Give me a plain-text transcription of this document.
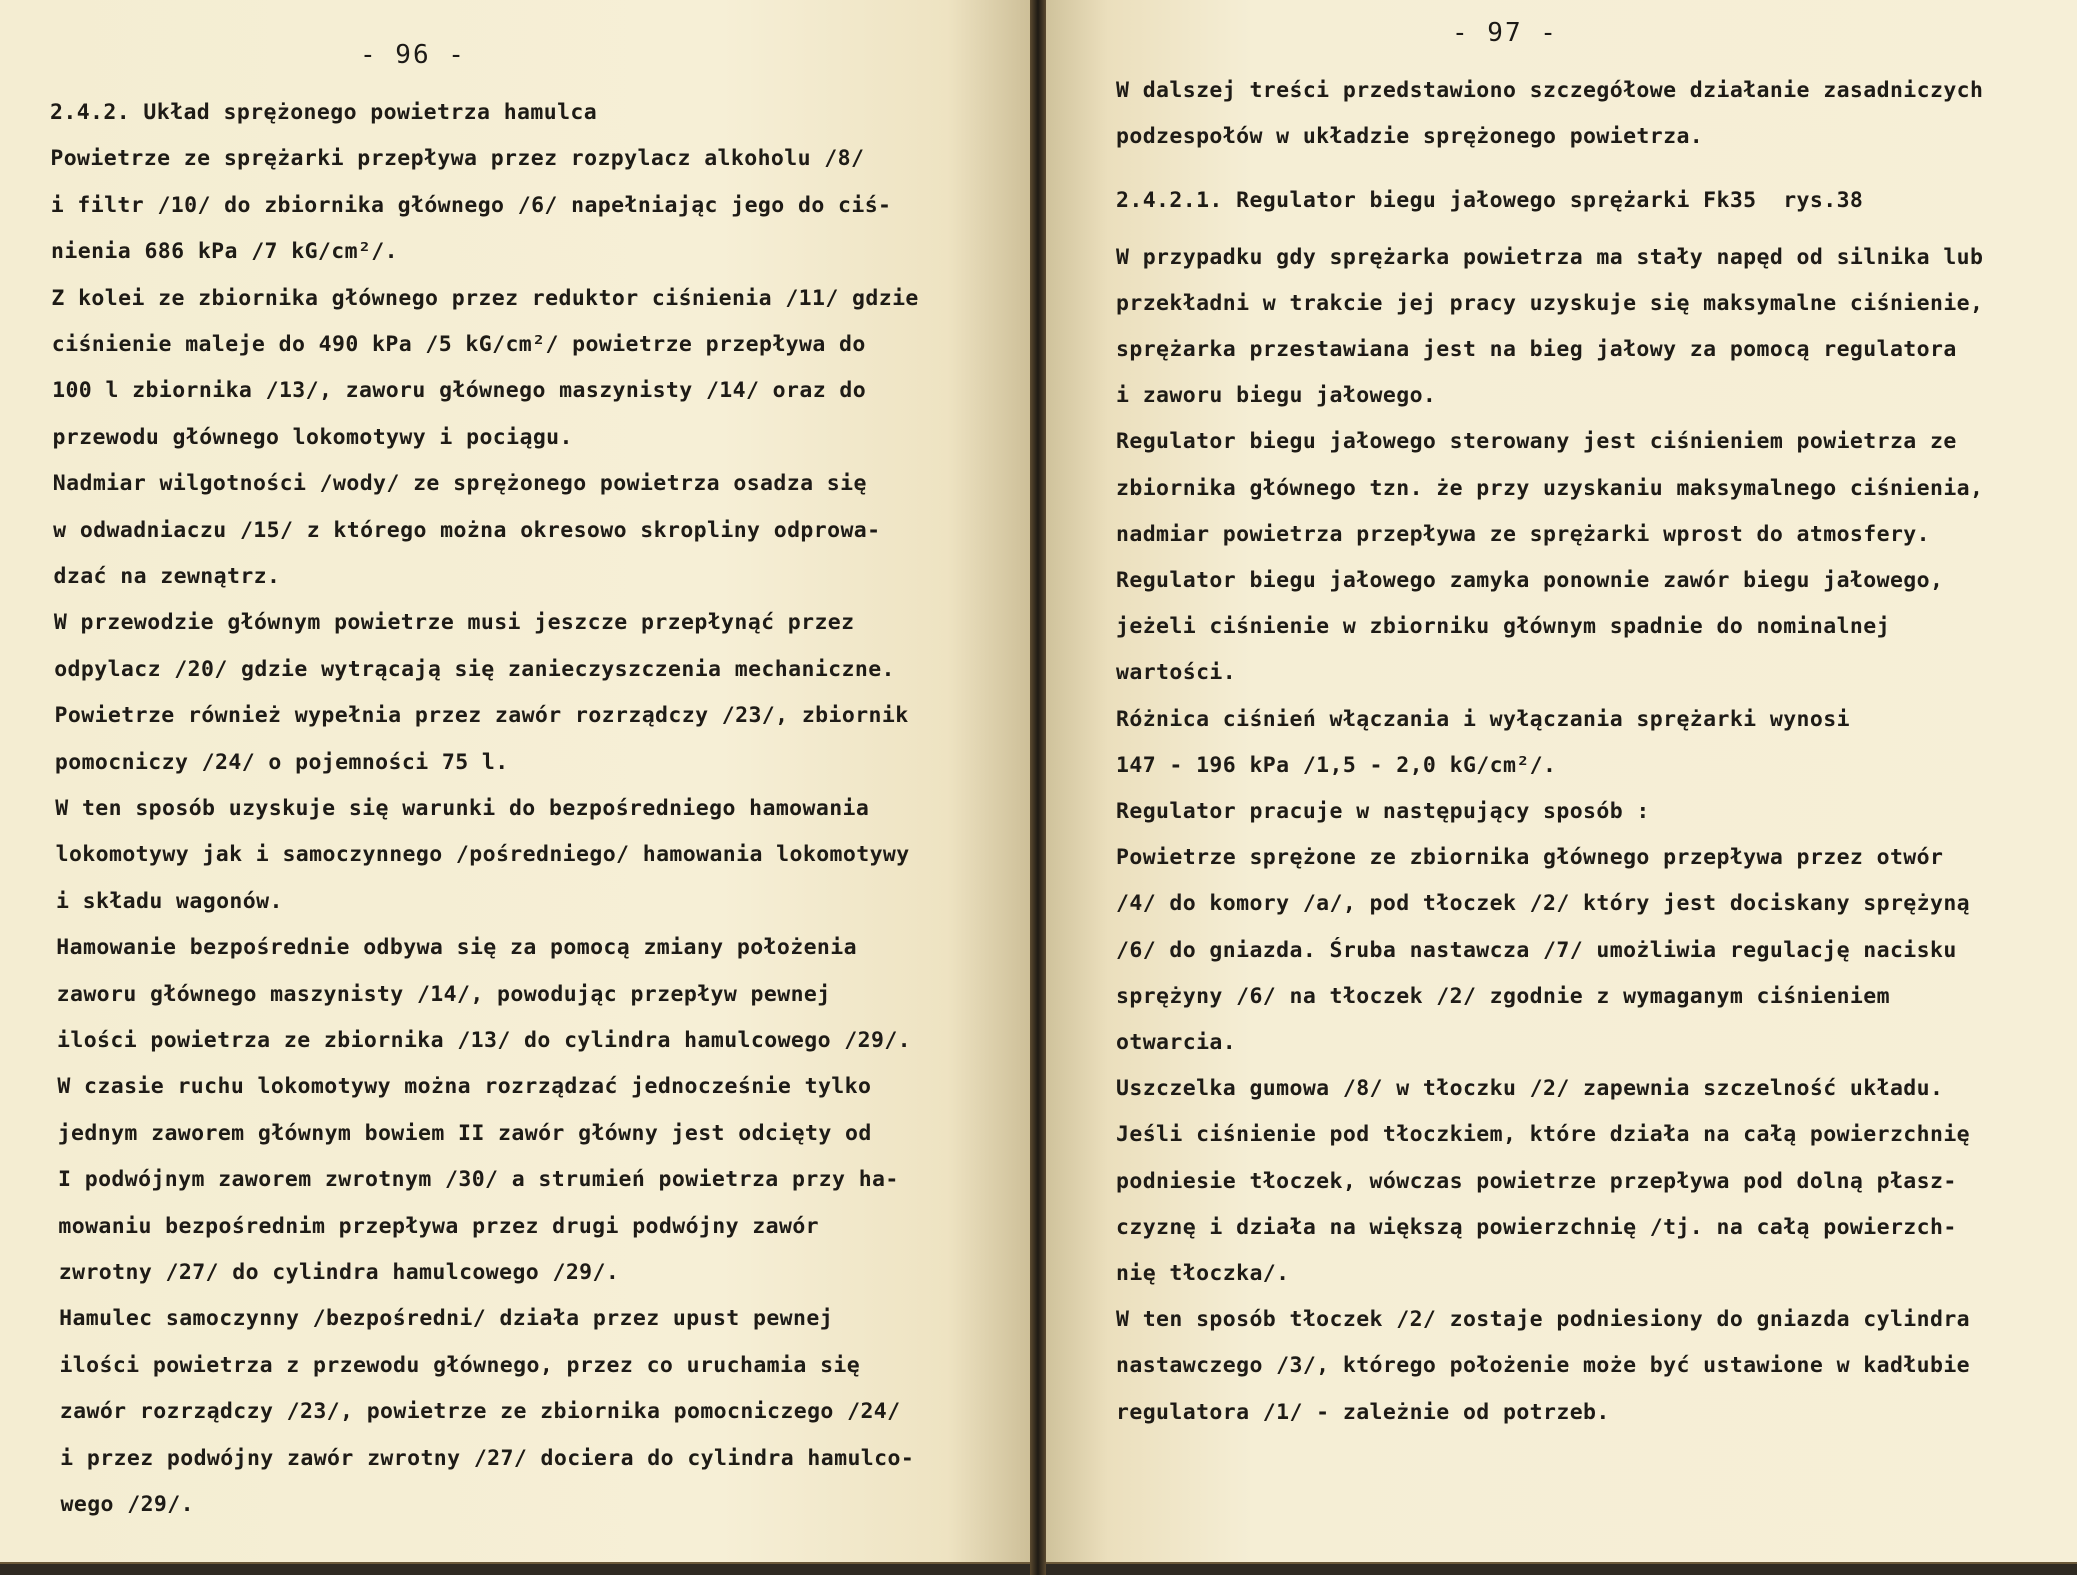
- 96 -
2.4.2. Układ sprężonego powietrza hamulca
Powietrze ze sprężarki przepływa przez rozpylacz alkoholu /8/
i filtr /10/ do zbiornika głównego /6/ napełniając jego do ciś-
nienia 686 kPa /7 kG/cm²/.
Z kolei ze zbiornika głównego przez reduktor ciśnienia /11/ gdzie
ciśnienie maleje do 490 kPa /5 kG/cm²/ powietrze przepływa do
100 l zbiornika /13/, zaworu głównego maszynisty /14/ oraz do
przewodu głównego lokomotywy i pociągu.
Nadmiar wilgotności /wody/ ze sprężonego powietrza osadza się
w odwadniaczu /15/ z którego można okresowo skropliny odprowa-
dzać na zewnątrz.
W przewodzie głównym powietrze musi jeszcze przepłynąć przez
odpylacz /20/ gdzie wytrącają się zanieczyszczenia mechaniczne.
Powietrze również wypełnia przez zawór rozrządczy /23/, zbiornik
pomocniczy /24/ o pojemności 75 l.
W ten sposób uzyskuje się warunki do bezpośredniego hamowania
lokomotywy jak i samoczynnego /pośredniego/ hamowania lokomotywy
i składu wagonów.
Hamowanie bezpośrednie odbywa się za pomocą zmiany położenia
zaworu głównego maszynisty /14/, powodując przepływ pewnej
ilości powietrza ze zbiornika /13/ do cylindra hamulcowego /29/.
W czasie ruchu lokomotywy można rozrządzać jednocześnie tylko
jednym zaworem głównym bowiem II zawór główny jest odcięty od
I podwójnym zaworem zwrotnym /30/ a strumień powietrza przy ha-
mowaniu bezpośrednim przepływa przez drugi podwójny zawór
zwrotny /27/ do cylindra hamulcowego /29/.
Hamulec samoczynny /bezpośredni/ działa przez upust pewnej
ilości powietrza z przewodu głównego, przez co uruchamia się
zawór rozrządczy /23/, powietrze ze zbiornika pomocniczego /24/
i przez podwójny zawór zwrotny /27/ dociera do cylindra hamulco-
wego /29/.
- 97 -
W dalszej treści przedstawiono szczegółowe działanie zasadniczych
podzespołów w układzie sprężonego powietrza.
2.4.2.1. Regulator biegu jałowego sprężarki Fk35  rys.38
W przypadku gdy sprężarka powietrza ma stały napęd od silnika lub
przekładni w trakcie jej pracy uzyskuje się maksymalne ciśnienie,
sprężarka przestawiana jest na bieg jałowy za pomocą regulatora
i zaworu biegu jałowego.
Regulator biegu jałowego sterowany jest ciśnieniem powietrza ze
zbiornika głównego tzn. że przy uzyskaniu maksymalnego ciśnienia,
nadmiar powietrza przepływa ze sprężarki wprost do atmosfery.
Regulator biegu jałowego zamyka ponownie zawór biegu jałowego,
jeżeli ciśnienie w zbiorniku głównym spadnie do nominalnej
wartości.
Różnica ciśnień włączania i wyłączania sprężarki wynosi
147 - 196 kPa /1,5 - 2,0 kG/cm²/.
Regulator pracuje w następujący sposób :
Powietrze sprężone ze zbiornika głównego przepływa przez otwór
/4/ do komory /a/, pod tłoczek /2/ który jest dociskany sprężyną
/6/ do gniazda. Śruba nastawcza /7/ umożliwia regulację nacisku
sprężyny /6/ na tłoczek /2/ zgodnie z wymaganym ciśnieniem
otwarcia.
Uszczelka gumowa /8/ w tłoczku /2/ zapewnia szczelność układu.
Jeśli ciśnienie pod tłoczkiem, które działa na całą powierzchnię
podniesie tłoczek, wówczas powietrze przepływa pod dolną płasz-
czyznę i działa na większą powierzchnię /tj. na całą powierzch-
nię tłoczka/.
W ten sposób tłoczek /2/ zostaje podniesiony do gniazda cylindra
nastawczego /3/, którego położenie może być ustawione w kadłubie
regulatora /1/ - zależnie od potrzeb.
